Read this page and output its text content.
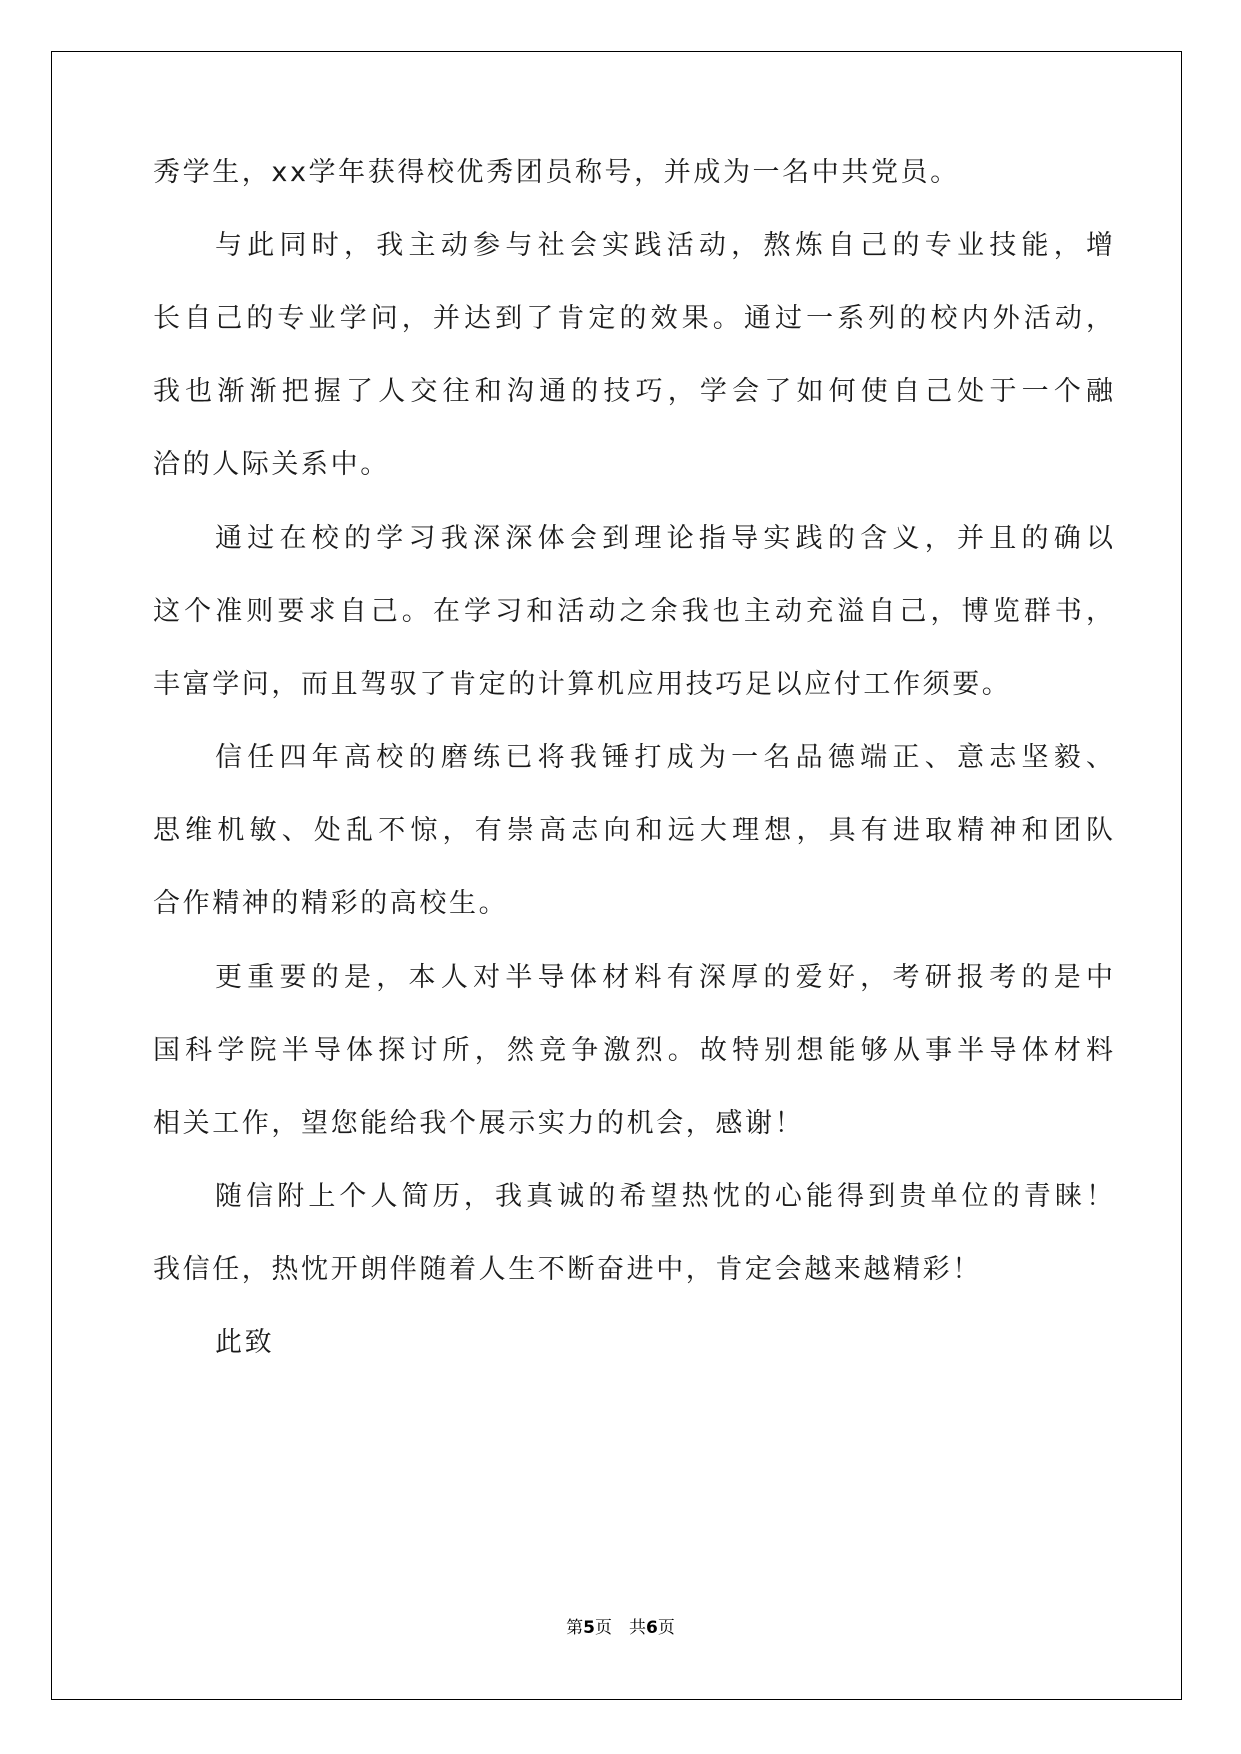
秀学生，xx学年获得校优秀团员称号，并成为一名中共党员。
与此同时，我主动参与社会实践活动，熬炼自己的专业技能，增
长自己的专业学问，并达到了肯定的效果。通过一系列的校内外活动，
我也渐渐把握了人交往和沟通的技巧，学会了如何使自己处于一个融
洽的人际关系中。
通过在校的学习我深深体会到理论指导实践的含义，并且的确以
这个准则要求自己。在学习和活动之余我也主动充溢自己，博览群书，
丰富学问，而且驾驭了肯定的计算机应用技巧足以应付工作须要。
信任四年高校的磨练已将我锤打成为一名品德端正、意志坚毅、
思维机敏、处乱不惊，有崇高志向和远大理想，具有进取精神和团队
合作精神的精彩的高校生。
更重要的是，本人对半导体材料有深厚的爱好，考研报考的是中
国科学院半导体探讨所，然竞争激烈。故特别想能够从事半导体材料
相关工作，望您能给我个展示实力的机会，感谢！
随信附上个人简历，我真诚的希望热忱的心能得到贵单位的青睐！
我信任，热忱开朗伴随着人生不断奋进中，肯定会越来越精彩！
此致
第5页　共6页
